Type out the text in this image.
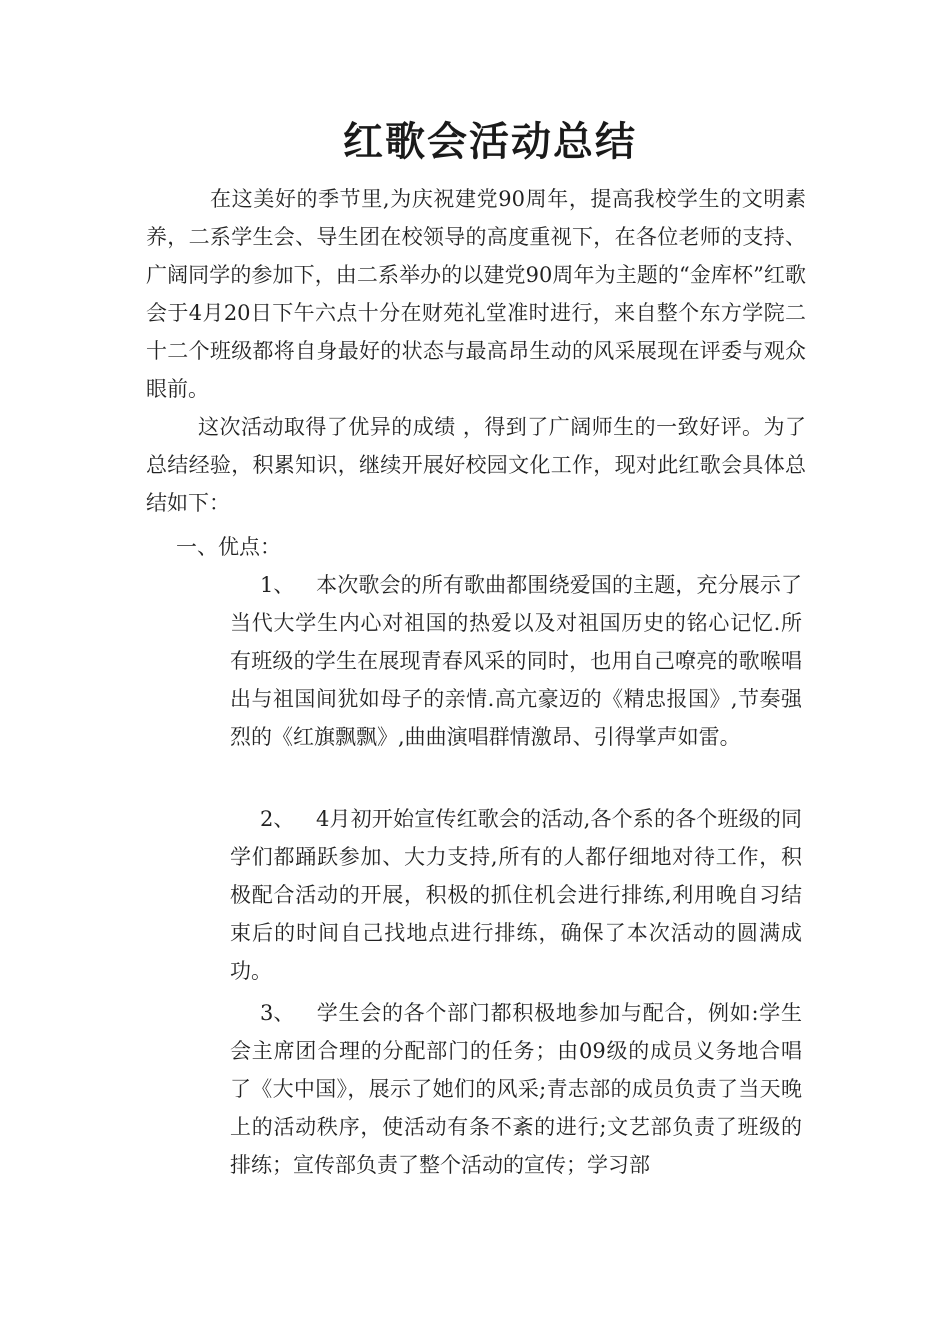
红歌会活动总结

在这美好的季节里,为庆祝建党90周年，提高我校学生的文明素养，二系学生会、导生团在校领导的高度重视下，在各位老师的支持、广阔同学的参加下，由二系举办的以建党90周年为主题的“金库杯”红歌会于4月20日下午六点十分在财苑礼堂准时进行，来自整个东方学院二十二个班级都将自身最好的状态与最高昂生动的风采展现在评委与观众眼前。

这次活动取得了优异的成绩 ，得到了广阔师生的一致好评。为了总结经验，积累知识，继续开展好校园文化工作，现对此红歌会具体总结如下：

一、优点：

1、 本次歌会的所有歌曲都围绕爱国的主题，充分展示了当代大学生内心对祖国的热爱以及对祖国历史的铭心记忆.所有班级的学生在展现青春风采的同时，也用自己嘹亮的歌喉唱出与祖国间犹如母子的亲情.高亢豪迈的《精忠报国》,节奏强烈的《红旗飘飘》,曲曲演唱群情激昂、引得掌声如雷。

2、 4月初开始宣传红歌会的活动,各个系的各个班级的同学们都踊跃参加、大力支持,所有的人都仔细地对待工作，积极配合活动的开展，积极的抓住机会进行排练,利用晚自习结束后的时间自己找地点进行排练，确保了本次活动的圆满成功。

3、 学生会的各个部门都积极地参加与配合，例如:学生会主席团合理的分配部门的任务；由09级的成员义务地合唱了《大中国》，展示了她们的风采;青志部的成员负责了当天晚上的活动秩序，使活动有条不紊的进行;文艺部负责了班级的排练；宣传部负责了整个活动的宣传；学习部
